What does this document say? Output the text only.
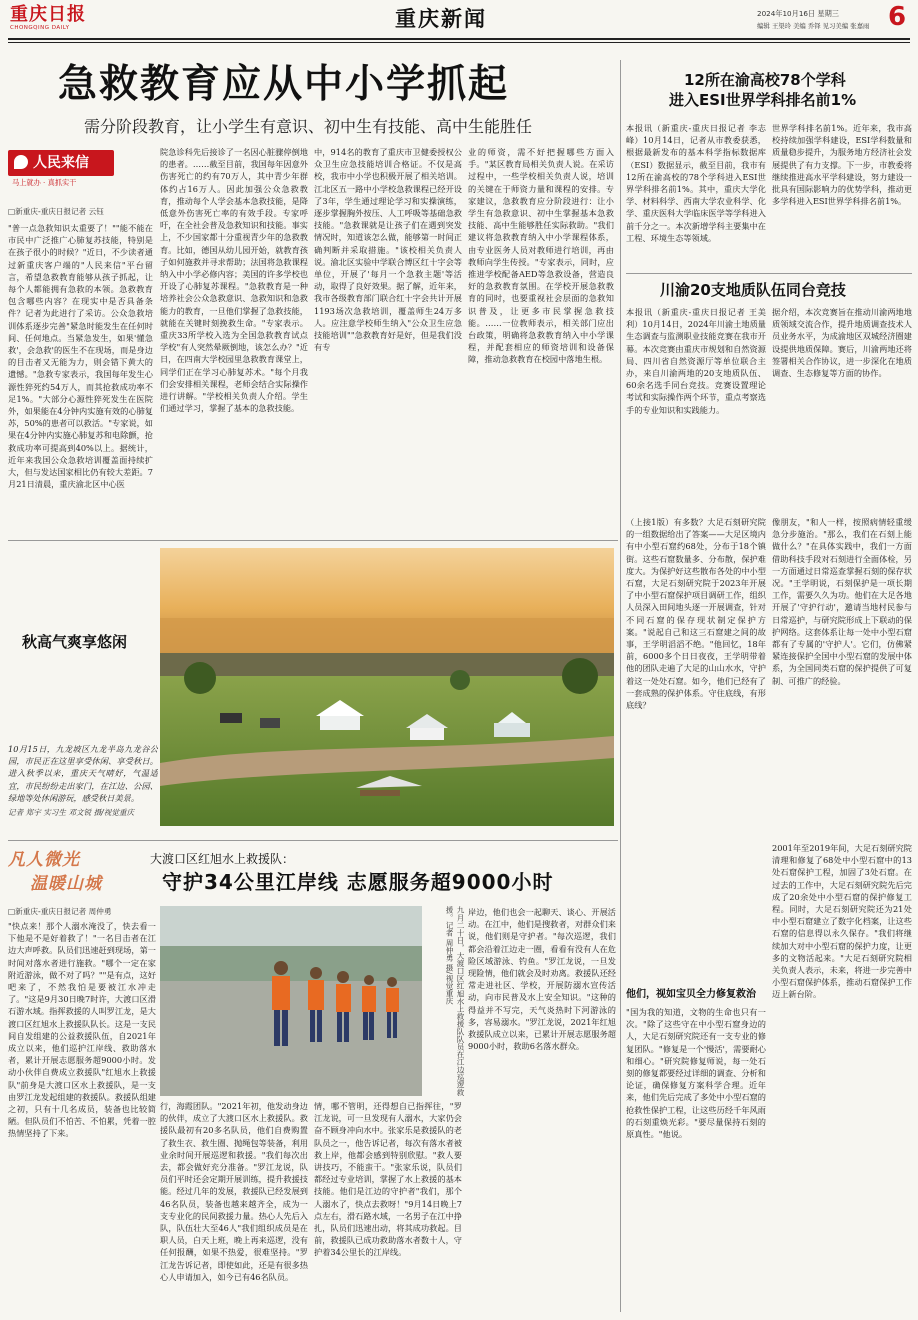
重庆日报
CHONGQING DAILY	重庆新闻	2024年10月16日 星期三
编辑 王渠玲 美编 乔铎 见习美编 张嘉雨 6
急救教育应从中小学抓起
需分阶段教育，让小学生有意识、初中生有技能、高中生能胜任
人民来信
马上就办 · 真抓实干
□新重庆-重庆日报记者 云钰
"普一点急救知识太重要了！""能不能在市民中广泛推广心肺复苏技能，特别是在孩子很小的时候？"近日，不少读者通过新重庆客户端的"人民来信"平台留言，希望急救教育能够从孩子抓起，让每个人都能拥有急救的本领。急救教育包含哪些内容？在现实中是否具备条件？记者为此进行了采访。公众急救培训体系逐步完善"紧急时能发生在任何时间、任何地点。当紧急发生，如果'懂急救'，会急救'的医生不在现场，而是身边的目击者又无能为力，则会错下黄大的遗憾。"急救专家表示，我国每年发生心源性猝死约54万人，而其抢救成功率不足1%。"大部分心源性猝死发生在医院外，如果能在4分钟内实施有效的心肺复苏，50%的患者可以救活。"专家说，如果在4分钟内实施心肺复苏和电除颤，抢救成功率可提高到40%以上。据统计，近年来我国公众急救培训覆盖面持续扩大，但与发达国家相比仍有较大差距。7月21日清晨，重庆渝北区中心医
院急诊科先后接诊了一名因心脏骤停倒地的患者。……截至目前，我国每年因意外伤害死亡的约有70万人，其中青少年群体约占16万人。因此加强公众急救教育，推动每个人学会基本急救技能，是降低意外伤害死亡率的有效手段。专家呼吁，在全社会普及急救知识和技能。事实上，不少国家都十分重视青少年的急救教育。比如，德国从幼儿园开始，就教育孩子如何施救并寻求帮助；法国将急救课程纳入中小学必修内容；美国的许多学校也开设了心肺复苏课程。"急救教育是一种培养社会公众急救意识、急救知识和急救能力的教育，一旦他们掌握了急救技能，就能在关键时刻挽救生命。"专家表示。重庆33所学校入选为全国急救教育试点学校"有人突然晕厥倒地，该怎么办？"近日，在四南大学校园里急救教育课堂上，同学们正在学习心肺复苏术。"每个月我们会安排相关课程，老师会结合实际操作进行讲解。"学校相关负责人介绍。学生们通过学习，掌握了基本的急救技能。
中，914名的教育了重庆市卫健委授权公众卫生应急技能培训合格证。不仅是高校，我市中小学也积极开展了相关培训。江北区五一路中小学校急救课程已经开设了3年，学生通过理论学习和实操演练，逐步掌握胸外按压、人工呼吸等基础急救技能。"急救课就是让孩子们在遇到突发情况时，知道该怎么做，能够第一时间正确判断并采取措施。"该校相关负责人说。渝北区实验中学联合博区红十字会等单位，开展了'每月一个急救主题'等活动，取得了良好效果。据了解，近年来，我市各级教育部门联合红十字会共计开展1193场次急救培训，覆盖师生24万多人。应注意学校师生纳入"公众卫生应急技能培训""急救教育好是好，但是我们没有专
业的师资，需不好把握哪些方面入手。"某区教育局相关负责人说。在采访过程中，一些学校相关负责人说，培训的关键在于师资力量和课程的安排。专家建议，急救教育应分阶段进行：让小学生有急救意识、初中生掌握基本急救技能、高中生能够胜任实际救助。"我们建议将急救教育纳入中小学课程体系，由专业医务人员对教师进行培训，再由教师向学生传授。"专家表示，同时，应推进学校配备AED等急救设备，营造良好的急救教育氛围。在学校开展急救教育的同时，也要重视社会层面的急救知识普及，让更多市民掌握急救技能。……一位教师表示，相关部门应出台政策，明确将急救教育纳入中小学课程，并配套相应的师资培训和设备保障，推动急救教育在校园中落地生根。
12所在渝高校78个学科
进入ESI世界学科排名前1%
本报讯（新重庆-重庆日报记者 李志峰）10月14日，记者从市教委获悉，根据最新发布的基本科学指标数据库（ESI）数据显示，截至目前，我市有12所在渝高校的78个学科进入ESI世界学科排名前1%。其中，重庆大学化学、材料科学、西南大学农业科学、化学、重庆医科大学临床医学等学科进入前千分之一。本次新增学科主要集中在工程、环境生态等领域。
世界学科排名前1%。近年来，我市高校持续加强学科建设，ESI学科数量和质量稳步提升，为服务地方经济社会发展提供了有力支撑。下一步，市教委将继续推进高水平学科建设，努力建设一批具有国际影响力的优势学科，推动更多学科进入ESI世界学科排名前1%。
川渝20支地质队伍同台竞技
本报讯（新重庆-重庆日报记者 王美利）10月14日，2024年川渝土地质量生态调查与监测职业技能竞赛在我市开幕。本次竞赛由重庆市规划和自然资源局、四川省自然资源厅等单位联合主办，来自川渝两地的20支地质队伍、60余名选手同台竞技。竞赛设置理论考试和实际操作两个环节，重点考察选手的专业知识和实践能力。
据介绍，本次竞赛旨在推动川渝两地地质领域交流合作，提升地质调查技术人员业务水平，为成渝地区双城经济圈建设提供地质保障。赛后，川渝两地还将签署相关合作协议，进一步深化在地质调查、生态修复等方面的协作。
秋高气爽享悠闲
10月15日，九龙坡区九龙半岛九龙谷公园，市民正在这里享受休闲、享受秋日。进入秋季以来，重庆天气晴好，气温适宜，市民纷纷走出家门，在江边、公园、绿地等处休闲游玩，感受秋日美景。
记者 郑宇 实习生 邓文锐 摄/视觉重庆
（上接1版）有多数？大足石刻研究院的一组数据给出了答案——大足区境内有中小型石窟约68处，分布于18个镇街。这些石窟数量多、分布散，保护难度大。为保护好这些散布各处的中小型石窟，大足石刻研究院于2023年开展了中小型石窟保护项目调研工作，组织人员深入田间地头逐一开展调查，针对不同石窟的保存现状制定保护方案。"说起自己和这三石窟建之间的故事，王学明滔滔不绝。"他回忆，18年前，6000多个日日夜夜，王学明带着他的团队走遍了大足的山山水水，守护着这一处处石窟。如今，他们已经有了一套成熟的保护体系。守住底线，有形底线？
像朋友，"和人一样，按照病情轻重缓急分步施治。"那么，我们在石刻上能做什么？"在具体实践中，我们一方面借助科技手段对石刻进行全面体检，另一方面通过日常巡查掌握石刻的保存状况。"王学明说，石刻保护是一项长期工作，需要久久为功。他们在大足各地开展了'守护行动'，邀请当地村民参与日常巡护，与研究院形成上下联动的保护网络。这套体系让每一处中小型石窟都有了专属的'守护人'。它们，仿佛紧紧连接保护全国中小型石窟的发展中体系，为全国同类石窟的保护提供了可复制、可推广的经验。
2001年至2019年间，大足石刻研究院清理和修复了68处中小型石窟中的13处石窟保护工程，加固了3处石窟。在过去的工作中，大足石刻研究院先后完成了20余处中小型石窟的保护修复工程。同时，大足石刻研究院还为21处中小型石窟建立了数字化档案，让这些石窟的信息得以永久保存。"我们将继续加大对中小型石窟的保护力度，让更多的文物活起来。"大足石刻研究院相关负责人表示，未来，将进一步完善中小型石窟保护体系，推动石窟保护工作迈上新台阶。
他们，视如宝贝全力修复救治
"国为我的知道，文物的生命也只有一次。"除了这些守在中小型石窟身边的人，大足石刻研究院还有一支专业的修复团队。"修复是一个'慢活'，需要耐心和细心。"研究院修复师说，每一处石刻的修复都要经过详细的调查、分析和论证，确保修复方案科学合理。近年来，他们先后完成了多处中小型石窟的抢救性保护工程，让这些历经千年风雨的石刻重焕光彩。"要尽量保持石刻的原真性。"他说。
凡人微光
温暖山城
大渡口区红旭水上救援队：
守护34公里江岸线 志愿服务超9000小时
□新重庆-重庆日报记者 周仲勇	九月二十日，大渡口区红旭水上救援队队员在江边巡逻救援。记者 周仲勇 摄/视觉重庆
"快点来！那个人溺水淹没了，快去看一下他是不是好着救了！"一名目击者在江边大声呼救。队员们迅速赶到现场，第一时间对落水者进行施救。"哪个一定在家附近游泳，做不对了吗？""是有点，这好吧来了，不然我怕是要被江水冲走了。"这是9月30日晚7时许，大渡口区滑石游水域。指挥救援的人叫罗江龙，是大渡口区红旭水上救援队队长。这是一支民间自发组建的公益救援队伍，自2021年成立以来，他们巡护江岸线、救助落水者，累计开展志愿服务超9000小时。发动小伙伴自费成立救援队"红旭水上救援队"前身是大渡口区水上救援队，是一支由罗江龙发起组建的救援队。救援队组建之初，只有十几名成员，装备也比较简陋。但队员们不怕苦、不怕累，凭着一腔热情坚持了下来。
行，海霞团队。"2021年初，他发动身边的伙伴，成立了大渡口区水上救援队。救援队最初有20多名队员，他们自费购置了救生衣、救生圈、抛绳包等装备，利用业余时间开展巡逻和救援。"我们每次出去，都会做好充分准备。"罗江龙说，队员们平时还会定期开展训练，提升救援技能。经过几年的发展，救援队已经发展到46名队员，装备也越来越齐全，成为一支专业化的民间救援力量。热心人先后入队，队伍壮大至46人"我们组织成员是在职人员，白天上班，晚上再来巡逻，没有任何报酬，如果不热爱，很难坚持。"罗江龙告诉记者，即使如此，还是有很多热心人申请加入，如今已有46名队员。
情，哪不管明，还得想自已指挥往，"罗江龙说，可一旦发现有人溺水，大家仍会奋不顾身冲向水中。张家乐是救援队的老队员之一，他告诉记者，每次有落水者被救上岸，他都会感到特别欣慰。"救人要讲技巧，不能蛮干。"张家乐说，队员们都经过专业培训，掌握了水上救援的基本技能。他们是江边的守护者"我们，那个人溺水了，快点去救呀！"9月14日晚上7点左右，滑石路水域，一名男子在江中挣扎，队员们迅速出动，将其成功救起。目前，救援队已成功救助落水者数十人，守护着34公里长的江岸线。
岸边，他们也会一起聊天、谈心、开展活动。在江中，他们是搜救者，对群众们来说，他们则是守护者。"每次巡逻，我们都会沿着江边走一圈，看看有没有人在危险区域游泳、钓鱼。"罗江龙说，一旦发现险情，他们就会及时劝离。救援队还经常走进社区、学校，开展防溺水宣传活动，向市民普及水上安全知识。"这种的得益并不写完，天气炎热时下河游泳的多，容易溺水。"罗江龙说，2021年红旭救援队成立以来，已累计开展志愿服务超9000小时，救助6名落水群众。
